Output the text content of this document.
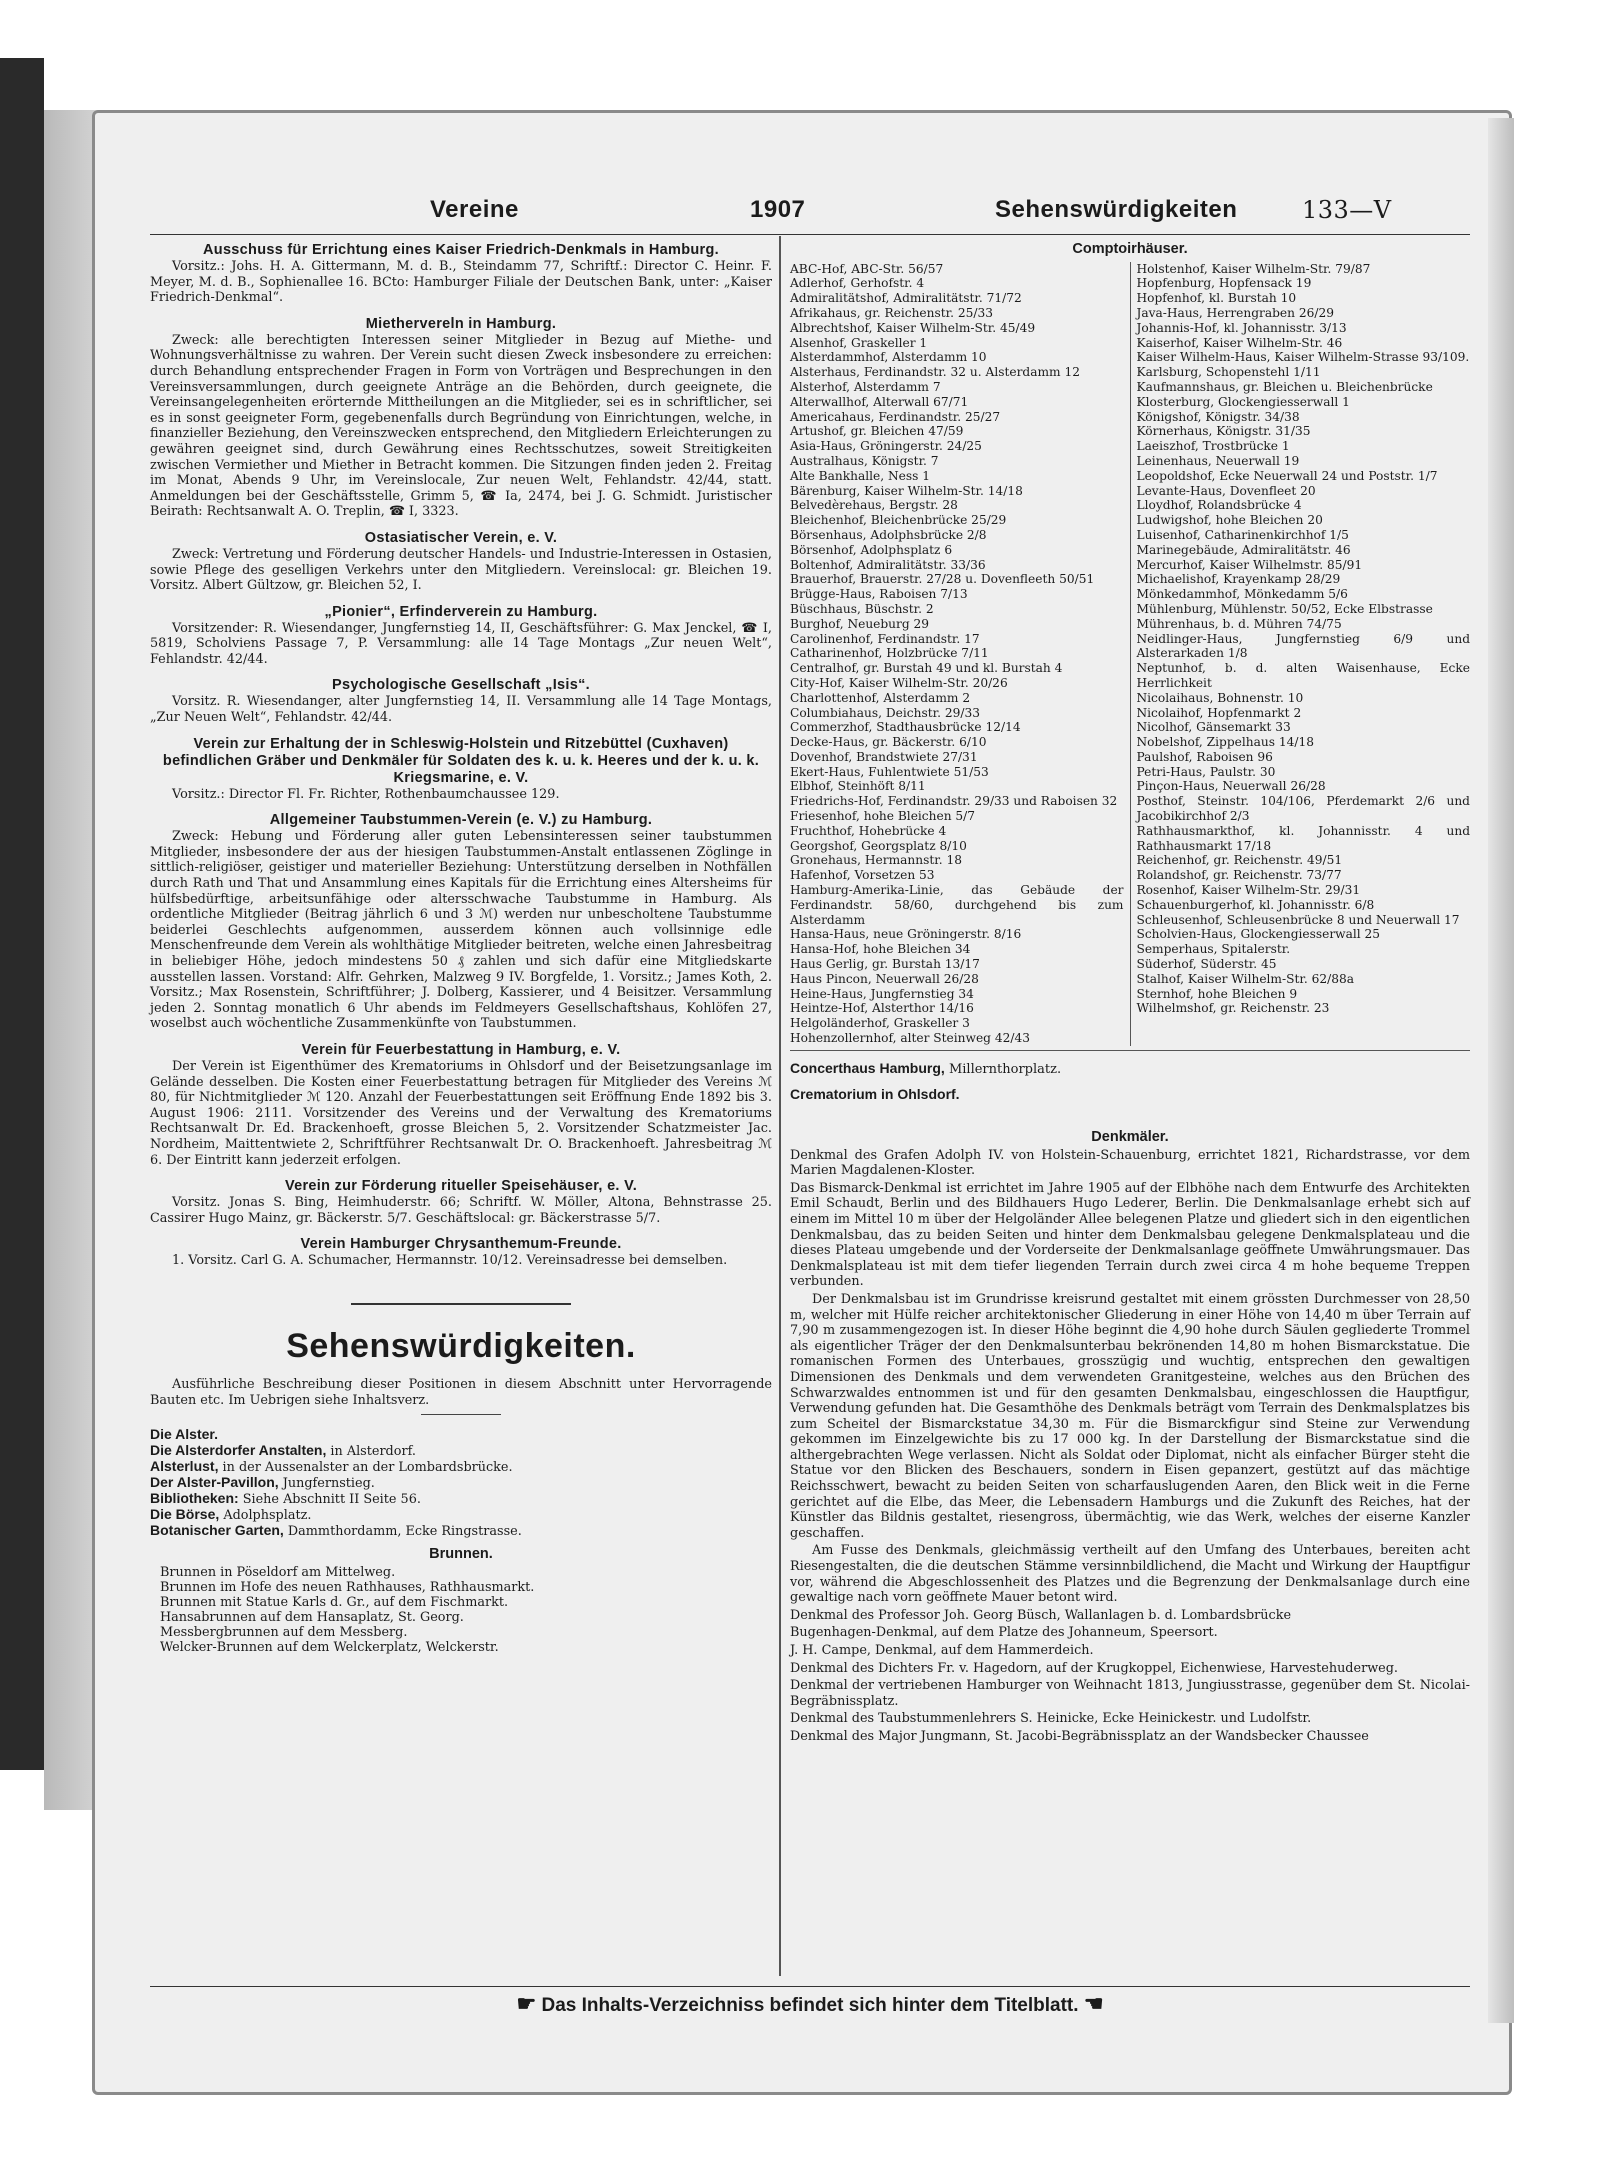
Vereine	1907	Sehenswürdigkeiten	133—V
Ausschuss für Errichtung eines Kaiser Friedrich-Denkmals in Hamburg.
Vorsitz.: Johs. H. A. Gittermann, M. d. B., Steindamm 77, Schriftf.: Director C. Heinr. F. Meyer, M. d. B., Sophienallee 16. BCto: Hamburger Filiale der Deutschen Bank, unter: „Kaiser Friedrich-Denkmal“.
Miethervereln in Hamburg.
Zweck: alle berechtigten Interessen seiner Mitglieder in Bezug auf Miethe- und Wohnungsverhältnisse zu wahren. Der Verein sucht diesen Zweck insbesondere zu erreichen: durch Behandlung entsprechender Fragen in Form von Vorträgen und Besprechungen in den Vereinsversammlungen, durch geeignete Anträge an die Behörden, durch geeignete, die Vereinsangelegenheiten erörternde Mittheilungen an die Mitglieder, sei es in schriftlicher, sei es in sonst geeigneter Form, gegebenenfalls durch Begründung von Einrichtungen, welche, in finanzieller Beziehung, den Vereinszwecken entsprechend, den Mitgliedern Erleichterungen zu gewähren geeignet sind, durch Gewährung eines Rechtsschutzes, soweit Streitigkeiten zwischen Vermiether und Miether in Betracht kommen. Die Sitzungen finden jeden 2. Freitag im Monat, Abends 9 Uhr, im Vereinslocale, Zur neuen Welt, Fehlandstr. 42/44, statt. Anmeldungen bei der Geschäftsstelle, Grimm 5, ☎ Ia, 2474, bei J. G. Schmidt. Juristischer Beirath: Rechtsanwalt A. O. Treplin, ☎ I, 3323.
Ostasiatischer Verein, e. V.
Zweck: Vertretung und Förderung deutscher Handels- und Industrie-Interessen in Ostasien, sowie Pflege des geselligen Verkehrs unter den Mitgliedern. Vereinslocal: gr. Bleichen 19. Vorsitz. Albert Gültzow, gr. Bleichen 52, I.
„Pionier“, Erfinderverein zu Hamburg.
Vorsitzender: R. Wiesendanger, Jungfernstieg 14, II, Geschäftsführer: G. Max Jenckel, ☎ I, 5819, Scholviens Passage 7, P. Versammlung: alle 14 Tage Montags „Zur neuen Welt“, Fehlandstr. 42/44.
Psychologische Gesellschaft „Isis“.
Vorsitz. R. Wiesendanger, alter Jungfernstieg 14, II. Versammlung alle 14 Tage Montags, „Zur Neuen Welt“, Fehlandstr. 42/44.
Verein zur Erhaltung der in Schleswig-Holstein und Ritzebüttel (Cuxhaven) befindlichen Gräber und Denkmäler für Soldaten des k. u. k. Heeres und der k. u. k. Kriegsmarine, e. V.
Vorsitz.: Director Fl. Fr. Richter, Rothenbaumchaussee 129.
Allgemeiner Taubstummen-Verein (e. V.) zu Hamburg.
Zweck: Hebung und Förderung aller guten Lebensinteressen seiner taubstummen Mitglieder, insbesondere der aus der hiesigen Taubstummen-Anstalt entlassenen Zöglinge in sittlich-religiöser, geistiger und materieller Beziehung: Unterstützung derselben in Nothfällen durch Rath und That und Ansammlung eines Kapitals für die Errichtung eines Altersheims für hülfsbedürftige, arbeitsunfähige oder altersschwache Taubstumme in Hamburg. Als ordentliche Mitglieder (Beitrag jährlich 6 und 3 ℳ) werden nur unbescholtene Taubstumme beiderlei Geschlechts aufgenommen, ausserdem können auch vollsinnige edle Menschenfreunde dem Verein als wohlthätige Mitglieder beitreten, welche einen Jahresbeitrag in beliebiger Höhe, jedoch mindestens 50 ₰ zahlen und sich dafür eine Mitgliedskarte ausstellen lassen. Vorstand: Alfr. Gehrken, Malzweg 9 IV. Borgfelde, 1. Vorsitz.; James Koth, 2. Vorsitz.; Max Rosenstein, Schriftführer; J. Dolberg, Kassierer, und 4 Beisitzer. Versammlung jeden 2. Sonntag monatlich 6 Uhr abends im Feldmeyers Gesellschaftshaus, Kohlöfen 27, woselbst auch wöchentliche Zusammenkünfte von Taubstummen.
Verein für Feuerbestattung in Hamburg, e. V.
Der Verein ist Eigenthümer des Krematoriums in Ohlsdorf und der Beisetzungsanlage im Gelände desselben. Die Kosten einer Feuerbestattung betragen für Mitglieder des Vereins ℳ 80, für Nichtmitglieder ℳ 120. Anzahl der Feuerbestattungen seit Eröffnung Ende 1892 bis 3. August 1906: 2111. Vorsitzender des Vereins und der Verwaltung des Krematoriums Rechtsanwalt Dr. Ed. Brackenhoeft, grosse Bleichen 5, 2. Vorsitzender Schatzmeister Jac. Nordheim, Maittentwiete 2, Schriftführer Rechtsanwalt Dr. O. Brackenhoeft. Jahresbeitrag ℳ 6. Der Eintritt kann jederzeit erfolgen.
Verein zur Förderung ritueller Speisehäuser, e. V.
Vorsitz. Jonas S. Bing, Heimhuderstr. 66; Schriftf. W. Möller, Altona, Behnstrasse 25. Cassirer Hugo Mainz, gr. Bäckerstr. 5/7. Geschäftslocal: gr. Bäckerstrasse 5/7.
Verein Hamburger Chrysanthemum-Freunde.
1. Vorsitz. Carl G. A. Schumacher, Hermannstr. 10/12. Vereinsadresse bei demselben.
Sehenswürdigkeiten.
Ausführliche Beschreibung dieser Positionen in diesem Abschnitt unter Hervorragende Bauten etc. Im Uebrigen siehe Inhaltsverz.
Die Alster.
Die Alsterdorfer Anstalten, in Alsterdorf.
Alsterlust, in der Aussenalster an der Lombardsbrücke.
Der Alster-Pavillon, Jungfernstieg.
Bibliotheken: Siehe Abschnitt II Seite 56.
Die Börse, Adolphsplatz.
Botanischer Garten, Dammthordamm, Ecke Ringstrasse.
Brunnen.
Brunnen in Pöseldorf am Mittelweg.
Brunnen im Hofe des neuen Rathhauses, Rathhausmarkt.
Brunnen mit Statue Karls d. Gr., auf dem Fischmarkt.
Hansabrunnen auf dem Hansaplatz, St. Georg.
Messbergbrunnen auf dem Messberg.
Welcker-Brunnen auf dem Welckerplatz, Welckerstr.
Comptoirhäuser.
ABC-Hof, ABC-Str. 56/57
Adlerhof, Gerhofstr. 4
Admiralitätshof, Admiralitätstr. 71/72
Afrikahaus, gr. Reichenstr. 25/33
Albrechtshof, Kaiser Wilhelm-Str. 45/49
Alsenhof, Graskeller 1
Alsterdammhof, Alsterdamm 10
Alsterhaus, Ferdinandstr. 32 u. Alsterdamm 12
Alsterhof, Alsterdamm 7
Alterwallhof, Alterwall 67/71
Americahaus, Ferdinandstr. 25/27
Artushof, gr. Bleichen 47/59
Asia-Haus, Gröningerstr. 24/25
Australhaus, Königstr. 7
Alte Bankhalle, Ness 1
Bärenburg, Kaiser Wilhelm-Str. 14/18
Belvedèrehaus, Bergstr. 28
Bleichenhof, Bleichenbrücke 25/29
Börsenhaus, Adolphsbrücke 2/8
Börsenhof, Adolphsplatz 6
Boltenhof, Admiralitätstr. 33/36
Brauerhof, Brauerstr. 27/28 u. Dovenfleeth 50/51
Brügge-Haus, Raboisen 7/13
Büschhaus, Büschstr. 2
Burghof, Neueburg 29
Carolinenhof, Ferdinandstr. 17
Catharinenhof, Holzbrücke 7/11
Centralhof, gr. Burstah 49 und kl. Burstah 4
City-Hof, Kaiser Wilhelm-Str. 20/26
Charlottenhof, Alsterdamm 2
Columbiahaus, Deichstr. 29/33
Commerzhof, Stadthausbrücke 12/14
Decke-Haus, gr. Bäckerstr. 6/10
Dovenhof, Brandstwiete 27/31
Ekert-Haus, Fuhlentwiete 51/53
Elbhof, Steinhöft 8/11
Friedrichs-Hof, Ferdinandstr. 29/33 und Raboisen 32
Friesenhof, hohe Bleichen 5/7
Fruchthof, Hohebrücke 4
Georgshof, Georgsplatz 8/10
Gronehaus, Hermannstr. 18
Hafenhof, Vorsetzen 53
Hamburg-Amerika-Linie, das Gebäude der Ferdinandstr. 58/60, durchgehend bis zum Alsterdamm
Hansa-Haus, neue Gröningerstr. 8/16
Hansa-Hof, hohe Bleichen 34
Haus Gerlig, gr. Burstah 13/17
Haus Pincon, Neuerwall 26/28
Heine-Haus, Jungfernstieg 34
Heintze-Hof, Alsterthor 14/16
Helgoländerhof, Graskeller 3
Hohenzollernhof, alter Steinweg 42/43
Holstenhof, Kaiser Wilhelm-Str. 79/87
Hopfenburg, Hopfensack 19
Hopfenhof, kl. Burstah 10
Java-Haus, Herrengraben 26/29
Johannis-Hof, kl. Johannisstr. 3/13
Kaiserhof, Kaiser Wilhelm-Str. 46
Kaiser Wilhelm-Haus, Kaiser Wilhelm-Strasse 93/109.
Karlsburg, Schopenstehl 1/11
Kaufmannshaus, gr. Bleichen u. Bleichenbrücke
Klosterburg, Glockengiesserwall 1
Königshof, Königstr. 34/38
Körnerhaus, Königstr. 31/35
Laeiszhof, Trostbrücke 1
Leinenhaus, Neuerwall 19
Leopoldshof, Ecke Neuerwall 24 und Poststr. 1/7
Levante-Haus, Dovenfleet 20
Lloydhof, Rolandsbrücke 4
Ludwigshof, hohe Bleichen 20
Luisenhof, Catharinenkirchhof 1/5
Marinegebäude, Admiralitätstr. 46
Mercurhof, Kaiser Wilhelmstr. 85/91
Michaelishof, Krayenkamp 28/29
Mönkedammhof, Mönkedamm 5/6
Mühlenburg, Mühlenstr. 50/52, Ecke Elbstrasse
Mührenhaus, b. d. Mühren 74/75
Neidlinger-Haus, Jungfernstieg 6/9 und Alsterarkaden 1/8
Neptunhof, b. d. alten Waisenhause, Ecke Herrlichkeit
Nicolaihaus, Bohnenstr. 10
Nicolaihof, Hopfenmarkt 2
Nicolhof, Gänsemarkt 33
Nobelshof, Zippelhaus 14/18
Paulshof, Raboisen 96
Petri-Haus, Paulstr. 30
Pinçon-Haus, Neuerwall 26/28
Posthof, Steinstr. 104/106, Pferdemarkt 2/6 und Jacobikirchhof 2/3
Rathhausmarkthof, kl. Johannisstr. 4 und Rathhausmarkt 17/18
Reichenhof, gr. Reichenstr. 49/51
Rolandshof, gr. Reichenstr. 73/77
Rosenhof, Kaiser Wilhelm-Str. 29/31
Schauenburgerhof, kl. Johannisstr. 6/8
Schleusenhof, Schleusenbrücke 8 und Neuerwall 17
Scholvien-Haus, Glockengiesserwall 25
Semperhaus, Spitalerstr.
Süderhof, Süderstr. 45
Stalhof, Kaiser Wilhelm-Str. 62/88a
Sternhof, hohe Bleichen 9
Wilhelmshof, gr. Reichenstr. 23
Concerthaus Hamburg, Millernthorplatz.
Crematorium in Ohlsdorf.
Denkmäler.
Denkmal des Grafen Adolph IV. von Holstein-Schauenburg, errichtet 1821, Richardstrasse, vor dem Marien Magdalenen-Kloster.
Das Bismarck-Denkmal ist errichtet im Jahre 1905 auf der Elbhöhe nach dem Entwurfe des Architekten Emil Schaudt, Berlin und des Bildhauers Hugo Lederer, Berlin. Die Denkmalsanlage erhebt sich auf einem im Mittel 10 m über der Helgoländer Allee belegenen Platze und gliedert sich in den eigentlichen Denkmalsbau, das zu beiden Seiten und hinter dem Denkmalsbau gelegene Denkmalsplateau und die dieses Plateau umgebende und der Vorderseite der Denkmalsanlage geöffnete Umwährungsmauer. Das Denkmalsplateau ist mit dem tiefer liegenden Terrain durch zwei circa 4 m hohe bequeme Treppen verbunden.
Der Denkmalsbau ist im Grundrisse kreisrund gestaltet mit einem grössten Durchmesser von 28,50 m, welcher mit Hülfe reicher architektonischer Gliederung in einer Höhe von 14,40 m über Terrain auf 7,90 m zusammengezogen ist. In dieser Höhe beginnt die 4,90 hohe durch Säulen gegliederte Trommel als eigentlicher Träger der den Denkmalsunterbau bekrönenden 14,80 m hohen Bismarckstatue. Die romanischen Formen des Unterbaues, grosszügig und wuchtig, entsprechen den gewaltigen Dimensionen des Denkmals und dem verwendeten Granitgesteine, welches aus den Brüchen des Schwarzwaldes entnommen ist und für den gesamten Denkmalsbau, eingeschlossen die Hauptfigur, Verwendung gefunden hat. Die Gesamthöhe des Denkmals beträgt vom Terrain des Denkmalsplatzes bis zum Scheitel der Bismarckstatue 34,30 m. Für die Bismarckfigur sind Steine zur Verwendung gekommen im Einzelgewichte bis zu 17 000 kg. In der Darstellung der Bismarckstatue sind die althergebrachten Wege verlassen. Nicht als Soldat oder Diplomat, nicht als einfacher Bürger steht die Statue vor den Blicken des Beschauers, sondern in Eisen gepanzert, gestützt auf das mächtige Reichsschwert, bewacht zu beiden Seiten von scharfauslugenden Aaren, den Blick weit in die Ferne gerichtet auf die Elbe, das Meer, die Lebensadern Hamburgs und die Zukunft des Reiches, hat der Künstler das Bildnis gestaltet, riesengross, übermächtig, wie das Werk, welches der eiserne Kanzler geschaffen.
Am Fusse des Denkmals, gleichmässig vertheilt auf den Umfang des Unterbaues, bereiten acht Riesengestalten, die die deutschen Stämme versinnbildlichend, die Macht und Wirkung der Hauptfigur vor, während die Abgeschlossenheit des Platzes und die Begrenzung der Denkmalsanlage durch eine gewaltige nach vorn geöffnete Mauer betont wird.
Denkmal des Professor Joh. Georg Büsch, Wallanlagen b. d. Lombardsbrücke
Bugenhagen-Denkmal, auf dem Platze des Johanneum, Speersort.
J. H. Campe, Denkmal, auf dem Hammerdeich.
Denkmal des Dichters Fr. v. Hagedorn, auf der Krugkoppel, Eichenwiese, Harvestehuderweg.
Denkmal der vertriebenen Hamburger von Weihnacht 1813, Jungiusstrasse, gegenüber dem St. Nicolai-Begräbnissplatz.
Denkmal des Taubstummenlehrers S. Heinicke, Ecke Heinickestr. und Ludolfstr.
Denkmal des Major Jungmann, St. Jacobi-Begräbnissplatz an der Wandsbecker Chaussee
☛ Das Inhalts-Verzeichniss befindet sich hinter dem Titelblatt. ☚
